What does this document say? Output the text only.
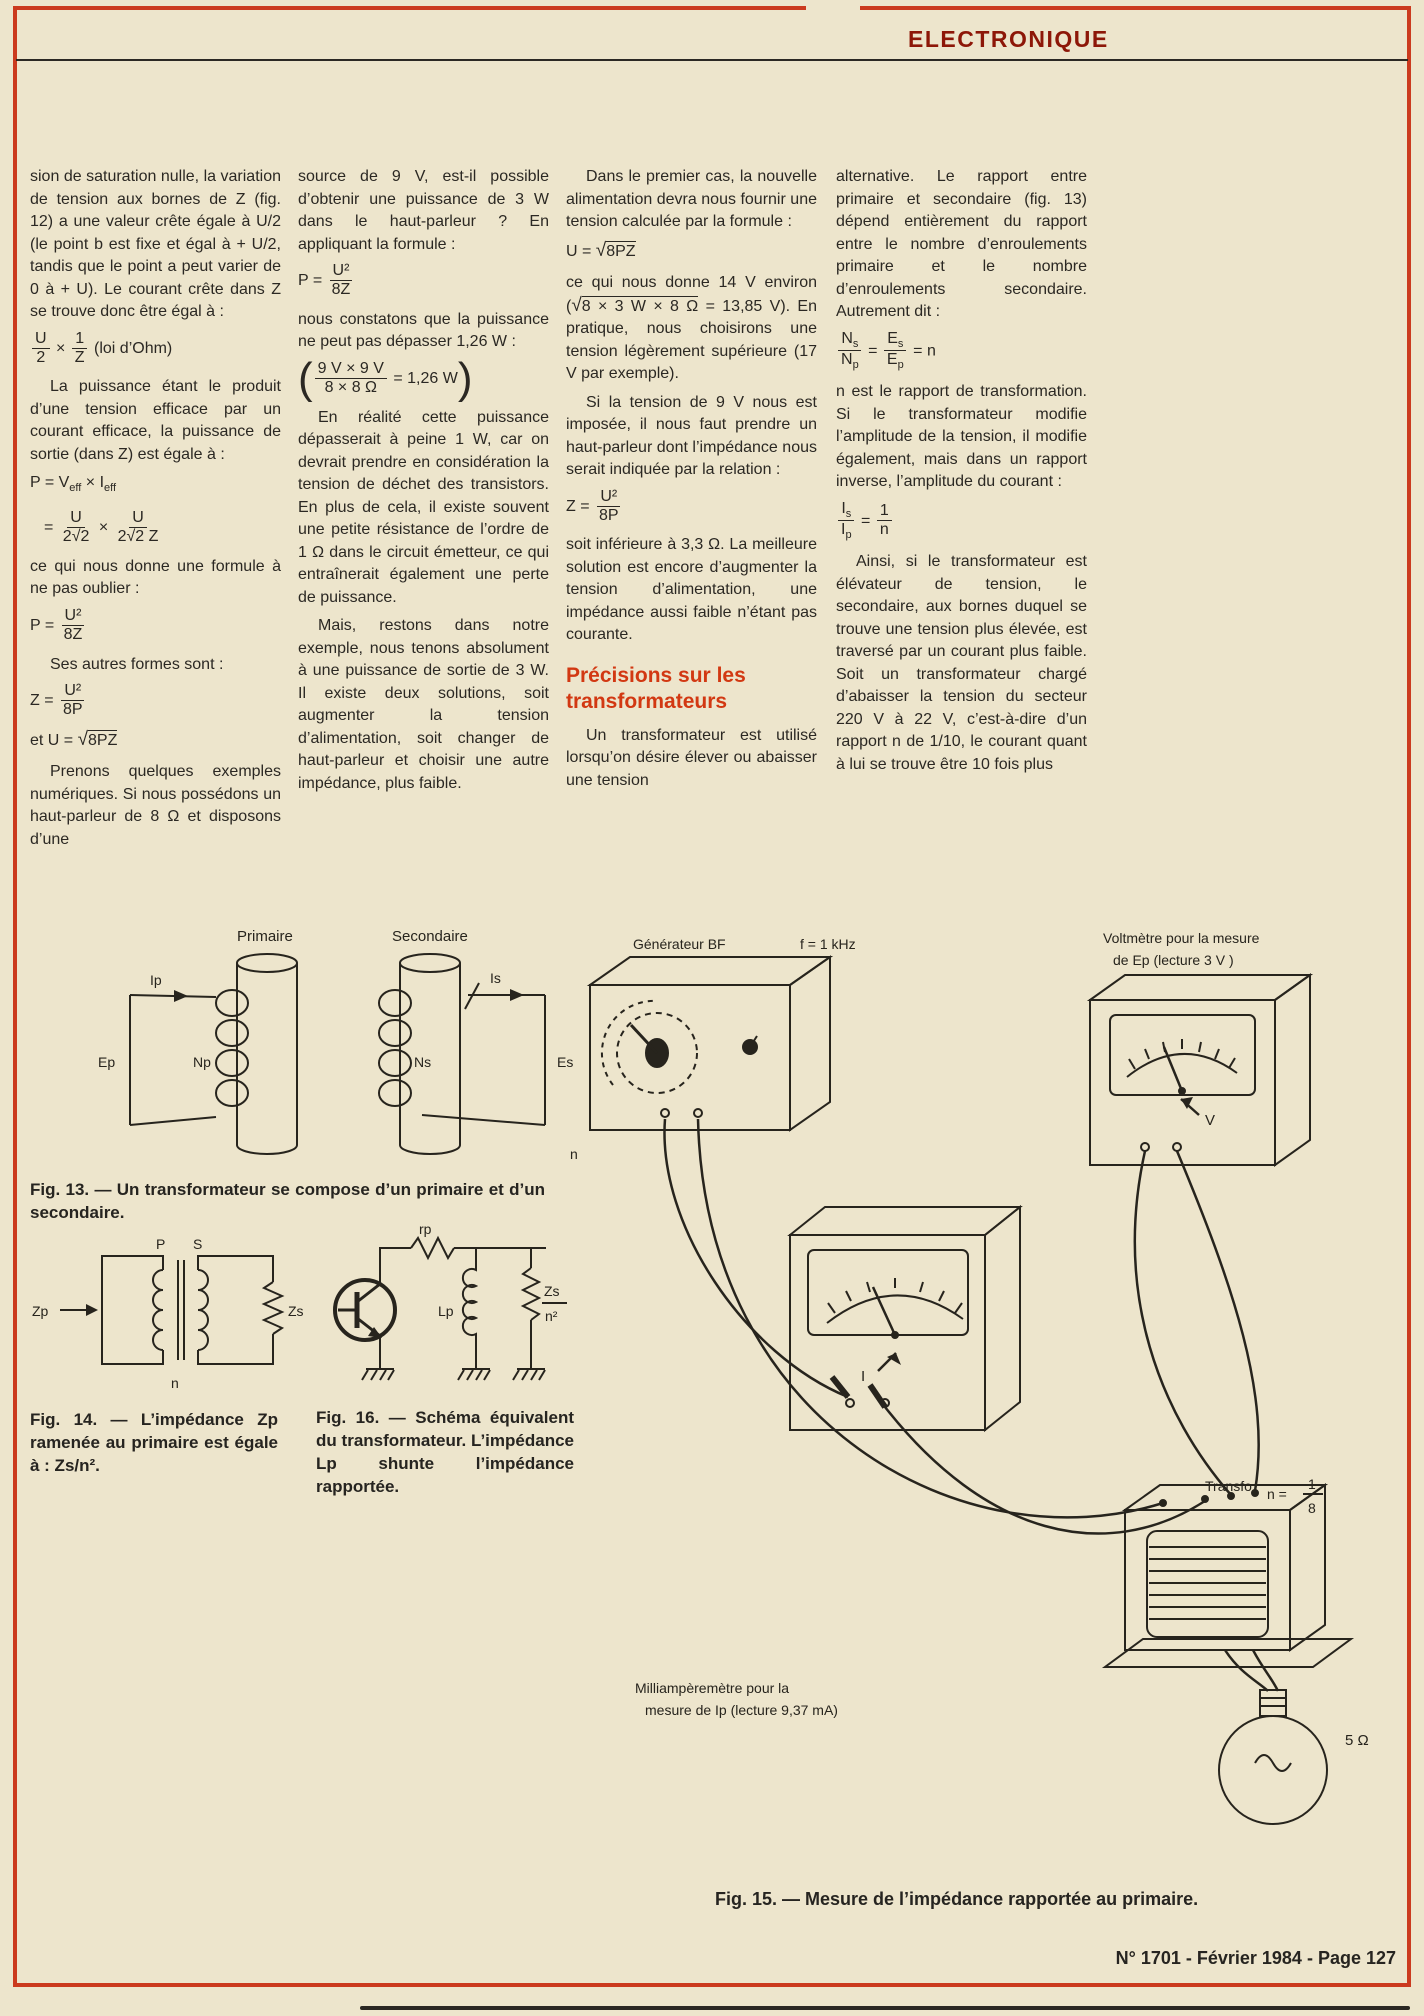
ELECTRONIQUE

sion de saturation nulle, la variation de tension aux bornes de Z (fig. 12) a une valeur crête égale à U/2 (le point b est fixe et égal à + U/2, tandis que le point a peut varier de 0 à + U). Le courant crête dans Z se trouve donc être égal à :

$\frac{U}{2} \times \frac{1}{Z} (loi$ d’Ohm)

La puissance étant le produit d’une tension efficace par un courant efficace, la puissance de sortie (dans Z) est égale à :

$P = V_{eff} \times I_{eff}$
= $\frac{U}{2√2} \times \frac{U}{2√2 Z}$

ce qui nous donne une formule à ne pas oublier :

$P = \frac{\text{U²}}{8Z}$

Ses autres formes sont :

$Z = \frac{\text{U²}}{8P}$
et U = √8PZ

Prenons quelques exemples numériques. Si nous possédons un haut-parleur de 8 Ω et disposons d’une

source de 9 V, est-il possible d’obtenir une puissance de 3 W dans le haut-parleur ? En appliquant la formule :

$P = \frac{\text{U²}}{8Z}$

nous constatons que la puissance ne peut pas dépasser 1,26 W :

( $\frac{9 V \times 9 V}{8 \times 8 \Omega} = 1,26$ W)

En réalité cette puissance dépasserait à peine 1 W, car on devrait prendre en considération la tension de déchet des transistors. En plus de cela, il existe souvent une petite résistance de l’ordre de 1 Ω dans le circuit émetteur, ce qui entraînerait également une perte de puissance.

Mais, restons dans notre exemple, nous tenons absolument à une puissance de sortie de 3 W. Il existe deux solutions, soit augmenter la tension d’alimentation, soit changer de haut-parleur et choisir une autre impédance, plus faible.

Dans le premier cas, la nouvelle alimentation devra nous fournir une tension calculée par la formule :

U = √8PZ

ce qui nous donne 14 V environ (√8 × 3 W × 8 Ω = 13,85 V). En pratique, nous choisirons une tension légèrement supérieure (17 V par exemple).

Si la tension de 9 V nous est imposée, il nous faut prendre un haut-parleur dont l’impédance nous serait indiquée par la relation :

$Z = \frac{\text{U²}}{8P}$

soit inférieure à 3,3 Ω. La meilleure solution est encore d’augmenter la tension d’alimentation, une impédance aussi faible n’étant pas courante.

Précisions sur les transformateurs

Un transformateur est utilisé lorsqu’on désire élever ou abaisser une tension

alternative. Le rapport entre primaire et secondaire (fig. 13) dépend entièrement du rapport entre le nombre d’enroulements primaire et le nombre d’enroulements secondaire. Autrement dit :

$\frac{N_s}{N_p} = \frac{E_s}{E_p} = n$

n est le rapport de transformation. Si le transformateur modifie l’amplitude de la tension, il modifie également, mais dans un rapport inverse, l’amplitude du courant :

$\frac{I_s}{I_p} = \frac{1}{n}$

Ainsi, si le transformateur est élévateur de tension, le secondaire, aux bornes duquel se trouve une tension plus élevée, est traversé par un courant plus faible. Soit un transformateur chargé d’abaisser la tension du secteur 220 V à 22 V, c’est-à-dire d’un rapport n de 1/10, le courant quant à lui se trouve être 10 fois plus

Primaire	Secondaire
Ip
Ep	Np
Is
Ns	Es
n
Fig. 13. — Un transformateur se compose d’un primaire et d’un secondaire.
P S
Zp	Zs
n
Fig. 14. — L’impédance Zp ramenée au primaire est égale à : Zs/n².
rp
Lp
Zs
n²
Fig. 16. — Schéma équivalent du transformateur. L’impédance Lp shunte l’impédance rapportée.
Générateur BF	f = 1 kHz	Voltmètre pour la mesure
de Ep (lecture 3 V )
V
I
Milliampèremètre pour la
mesure de Ip (lecture 9,37 mA)
Transfo n =
1
8
5 Ω
Fig. 15. — Mesure de l’impédance rapportée au primaire.
N° 1701 - Février 1984 - Page 127
